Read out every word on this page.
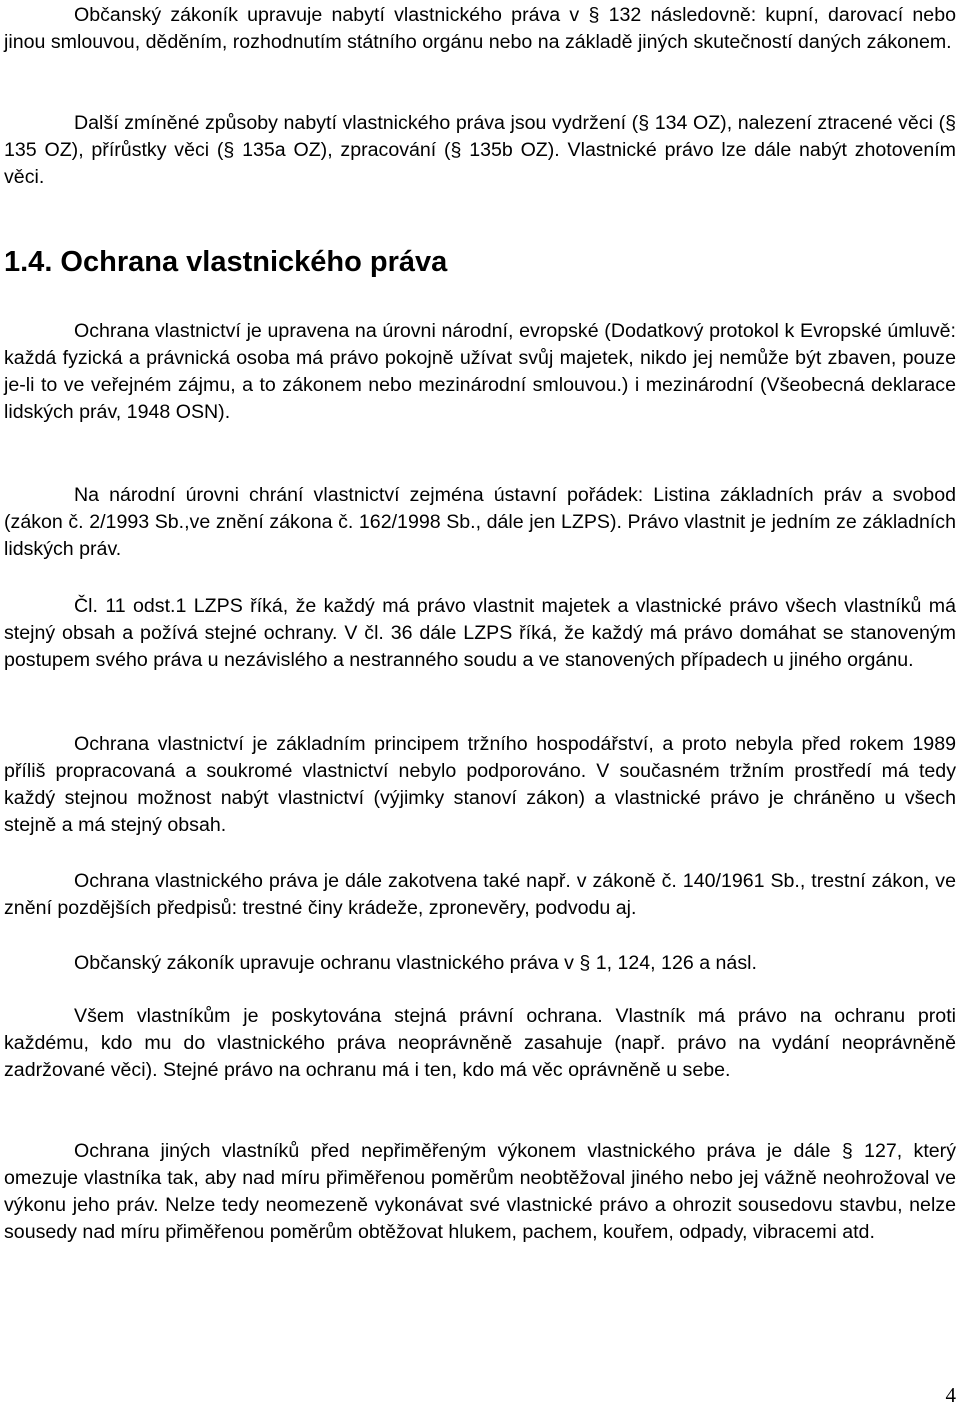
Občanský zákoník upravuje nabytí vlastnického práva v § 132 následovně: kupní, darovací nebo jinou smlouvou, děděním, rozhodnutím státního orgánu nebo na základě jiných skutečností daných zákonem.

Další zmíněné způsoby nabytí vlastnického práva jsou vydržení (§ 134 OZ), nalezení ztracené věci (§ 135 OZ), přírůstky věci (§ 135a OZ), zpracování (§ 135b OZ). Vlastnické právo lze dále nabýt zhotovením věci.

1.4. Ochrana vlastnického práva

Ochrana vlastnictví je upravena na úrovni národní, evropské (Dodatkový protokol k Evropské úmluvě: každá fyzická a právnická osoba má právo pokojně užívat svůj majetek, nikdo jej nemůže být zbaven, pouze je-li to ve veřejném zájmu, a to zákonem nebo mezinárodní smlouvou.) i mezinárodní (Všeobecná deklarace lidských práv, 1948 OSN).

Na národní úrovni chrání vlastnictví zejména ústavní pořádek: Listina základních práv a svobod (zákon č. 2/1993 Sb.,ve znění zákona č. 162/1998 Sb., dále jen LZPS). Právo vlastnit je jedním ze základních lidských práv.

Čl. 11 odst.1 LZPS říká, že každý má právo vlastnit majetek a vlastnické právo všech vlastníků má stejný obsah a požívá stejné ochrany. V čl. 36 dále LZPS říká, že každý má právo domáhat se stanoveným postupem svého práva u nezávislého a nestranného soudu a ve stanovených případech u jiného orgánu.

Ochrana vlastnictví je základním principem tržního hospodářství, a proto nebyla před rokem 1989 příliš propracovaná a soukromé vlastnictví nebylo podporováno. V současném tržním prostředí má tedy každý stejnou možnost nabýt vlastnictví (výjimky stanoví zákon) a vlastnické právo je chráněno u všech stejně a má stejný obsah.

Ochrana vlastnického práva je dále zakotvena také např. v zákoně č. 140/1961 Sb., trestní zákon, ve znění pozdějších předpisů: trestné činy krádeže, zpronevěry, podvodu aj.

Občanský zákoník upravuje ochranu vlastnického práva v § 1, 124, 126 a násl.

Všem vlastníkům je poskytována stejná právní ochrana. Vlastník má právo na ochranu proti každému, kdo mu do vlastnického práva neoprávněně zasahuje (např. právo na vydání neoprávněně zadržované věci). Stejné právo na ochranu má i ten, kdo má věc oprávněně u sebe.

Ochrana jiných vlastníků před nepřiměřeným výkonem vlastnického práva je dále § 127, který omezuje vlastníka tak, aby nad míru přiměřenou poměrům neobtěžoval jiného nebo jej vážně neohrožoval ve výkonu jeho práv. Nelze tedy neomezeně vykonávat své vlastnické právo a ohrozit sousedovu stavbu, nelze sousedy nad míru přiměřenou poměrům obtěžovat hlukem, pachem, kouřem, odpady, vibracemi atd.

4
